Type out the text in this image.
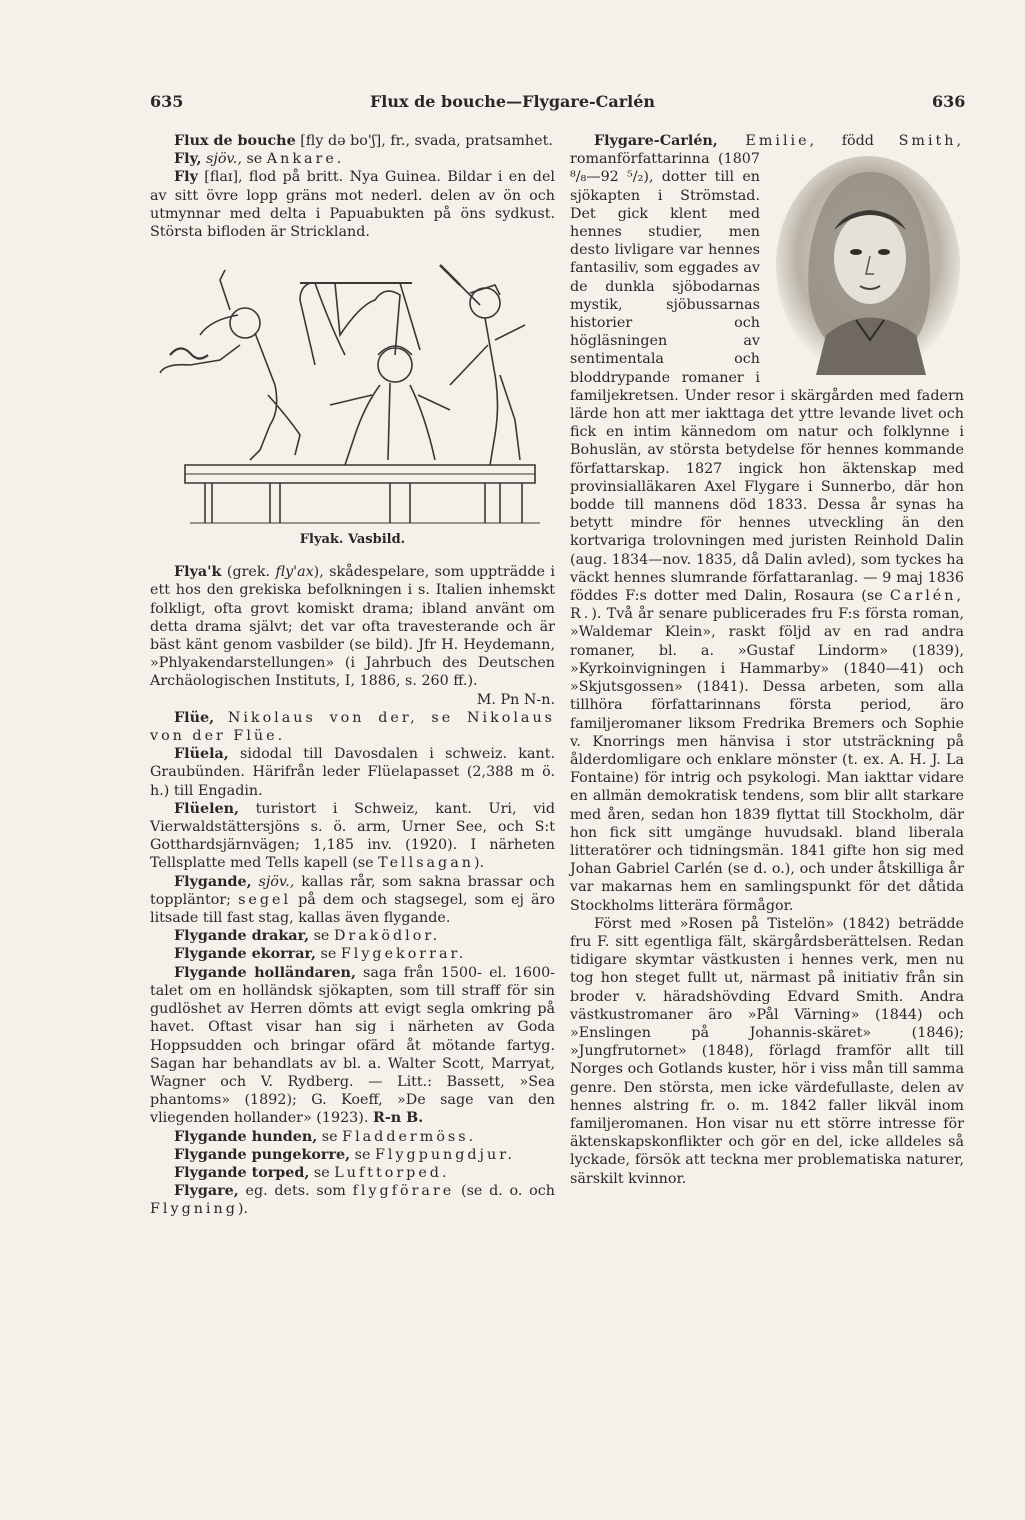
635	Flux de bouche—Flygare-Carlén	636

Flux de bouche [fly də bo'ʃ], fr., svada, pratsamhet.

Fly, sjöv., se Ankare.

Fly [flaɪ], flod på britt. Nya Guinea. Bildar i en del av sitt övre lopp gräns mot nederl. delen av ön och utmynnar med delta i Papuabukten på öns sydkust. Största bifloden är Strickland.

Flyak. Vasbild.

Flya'k (grek. fly'ax), skådespelare, som uppträdde i ett hos den grekiska befolkningen i s. Italien inhemskt folkligt, ofta grovt komiskt drama; ibland använt om detta drama självt; det var ofta travesterande och är bäst känt genom vasbilder (se bild). Jfr H. Heydemann, »Phlyakendarstellungen» (i Jahrbuch des Deutschen Archäologischen Instituts, I, 1886, s. 260 ff.).

M. Pn N-n.

Flüe, Nikolaus von der, se Nikolaus von der Flüe.

Flüela, sidodal till Davosdalen i schweiz. kant. Graubünden. Härifrån leder Flüelapasset (2,388 m ö. h.) till Engadin.

Flüelen, turistort i Schweiz, kant. Uri, vid Vierwaldstättersjöns s. ö. arm, Urner See, och S:t Gotthardsjärnvägen; 1,185 inv. (1920). I närheten Tellsplatte med Tells kapell (se Tellsagan).

Flygande, sjöv., kallas rår, som sakna brassar och toppläntor; segel på dem och stagsegel, som ej äro litsade till fast stag, kallas även flygande.

Flygande drakar, se Draködlor.

Flygande ekorrar, se Flygekorrar.

Flygande holländaren, saga från 1500- el. 1600-talet om en holländsk sjökapten, som till straff för sin gudlöshet av Herren dömts att evigt segla omkring på havet. Oftast visar han sig i närheten av Goda Hoppsudden och bringar ofärd åt mötande fartyg. Sagan har behandlats av bl. a. Walter Scott, Marryat, Wagner och V. Rydberg. — Litt.: Bassett, »Sea phantoms» (1892); G. Koeff, »De sage van den vliegenden hollander» (1923). R-n B.

Flygande hunden, se Fladdermöss.

Flygande pungekorre, se Flygpungdjur.

Flygande torped, se Lufttorped.

Flygare, eg. dets. som flygförare (se d. o. och Flygning).

Flygare-Carlén, Emilie, född Smith,
romanförfattarinna (1807 ⁸/₈—92 ⁵/₂), dotter till en sjökapten i Strömstad. Det gick klent med hennes studier, men desto livligare var hennes fantasiliv, som eggades av de dunkla sjöbodarnas mystik, sjöbussarnas historier och högläsningen av sentimentala och bloddrypande romaner i familjekretsen. Under resor i skärgården med fadern lärde hon att mer iakttaga det yttre levande livet och fick en intim kännedom om natur och folklynne i Bohuslän, av största betydelse för hennes kommande författarskap. 1827 ingick hon äktenskap med provinsialläkaren Axel Flygare i Sunnerbo, där hon bodde till mannens död 1833. Dessa år synas ha betytt mindre för hennes utveckling än den kortvariga trolovningen med juristen Reinhold Dalin (aug. 1834—nov. 1835, då Dalin avled), som tyckes ha väckt hennes slumrande författaranlag. — 9 maj 1836 föddes F:s dotter med Dalin, Rosaura (se Carlén, R.). Två år senare publicerades fru F:s första roman, »Waldemar Klein», raskt följd av en rad andra romaner, bl. a. »Gustaf Lindorm» (1839), »Kyrkoinvigningen i Hammarby» (1840—41) och »Skjutsgossen» (1841). Dessa arbeten, som alla tillhöra författarinnans första period, äro familjeromaner liksom Fredrika Bremers och Sophie v. Knorrings men hänvisa i stor utsträckning på ålderdomligare och enklare mönster (t. ex. A. H. J. La Fontaine) för intrig och psykologi. Man iakttar vidare en allmän demokratisk tendens, som blir allt starkare med åren, sedan hon 1839 flyttat till Stockholm, där hon fick sitt umgänge huvudsakl. bland liberala litteratörer och tidningsmän. 1841 gifte hon sig med Johan Gabriel Carlén (se d. o.), och under åtskilliga år var makarnas hem en samlingspunkt för det dåtida Stockholms litterära förmågor.

Först med »Rosen på Tistelön» (1842) beträdde fru F. sitt egentliga fält, skärgårdsberättelsen. Redan tidigare skymtar västkusten i hennes verk, men nu tog hon steget fullt ut, närmast på initiativ från sin broder v. häradshövding Edvard Smith. Andra västkustromaner äro »Pål Värning» (1844) och »Enslingen på Johannis-skäret» (1846); »Jungfrutornet» (1848), förlagd framför allt till Norges och Gotlands kuster, hör i viss mån till samma genre. Den största, men icke värdefullaste, delen av hennes alstring fr. o. m. 1842 faller likväl inom familjeromanen. Hon visar nu ett större intresse för äktenskapskonflikter och gör en del, icke alldeles så lyckade, försök att teckna mer problematiska naturer, särskilt kvinnor.
